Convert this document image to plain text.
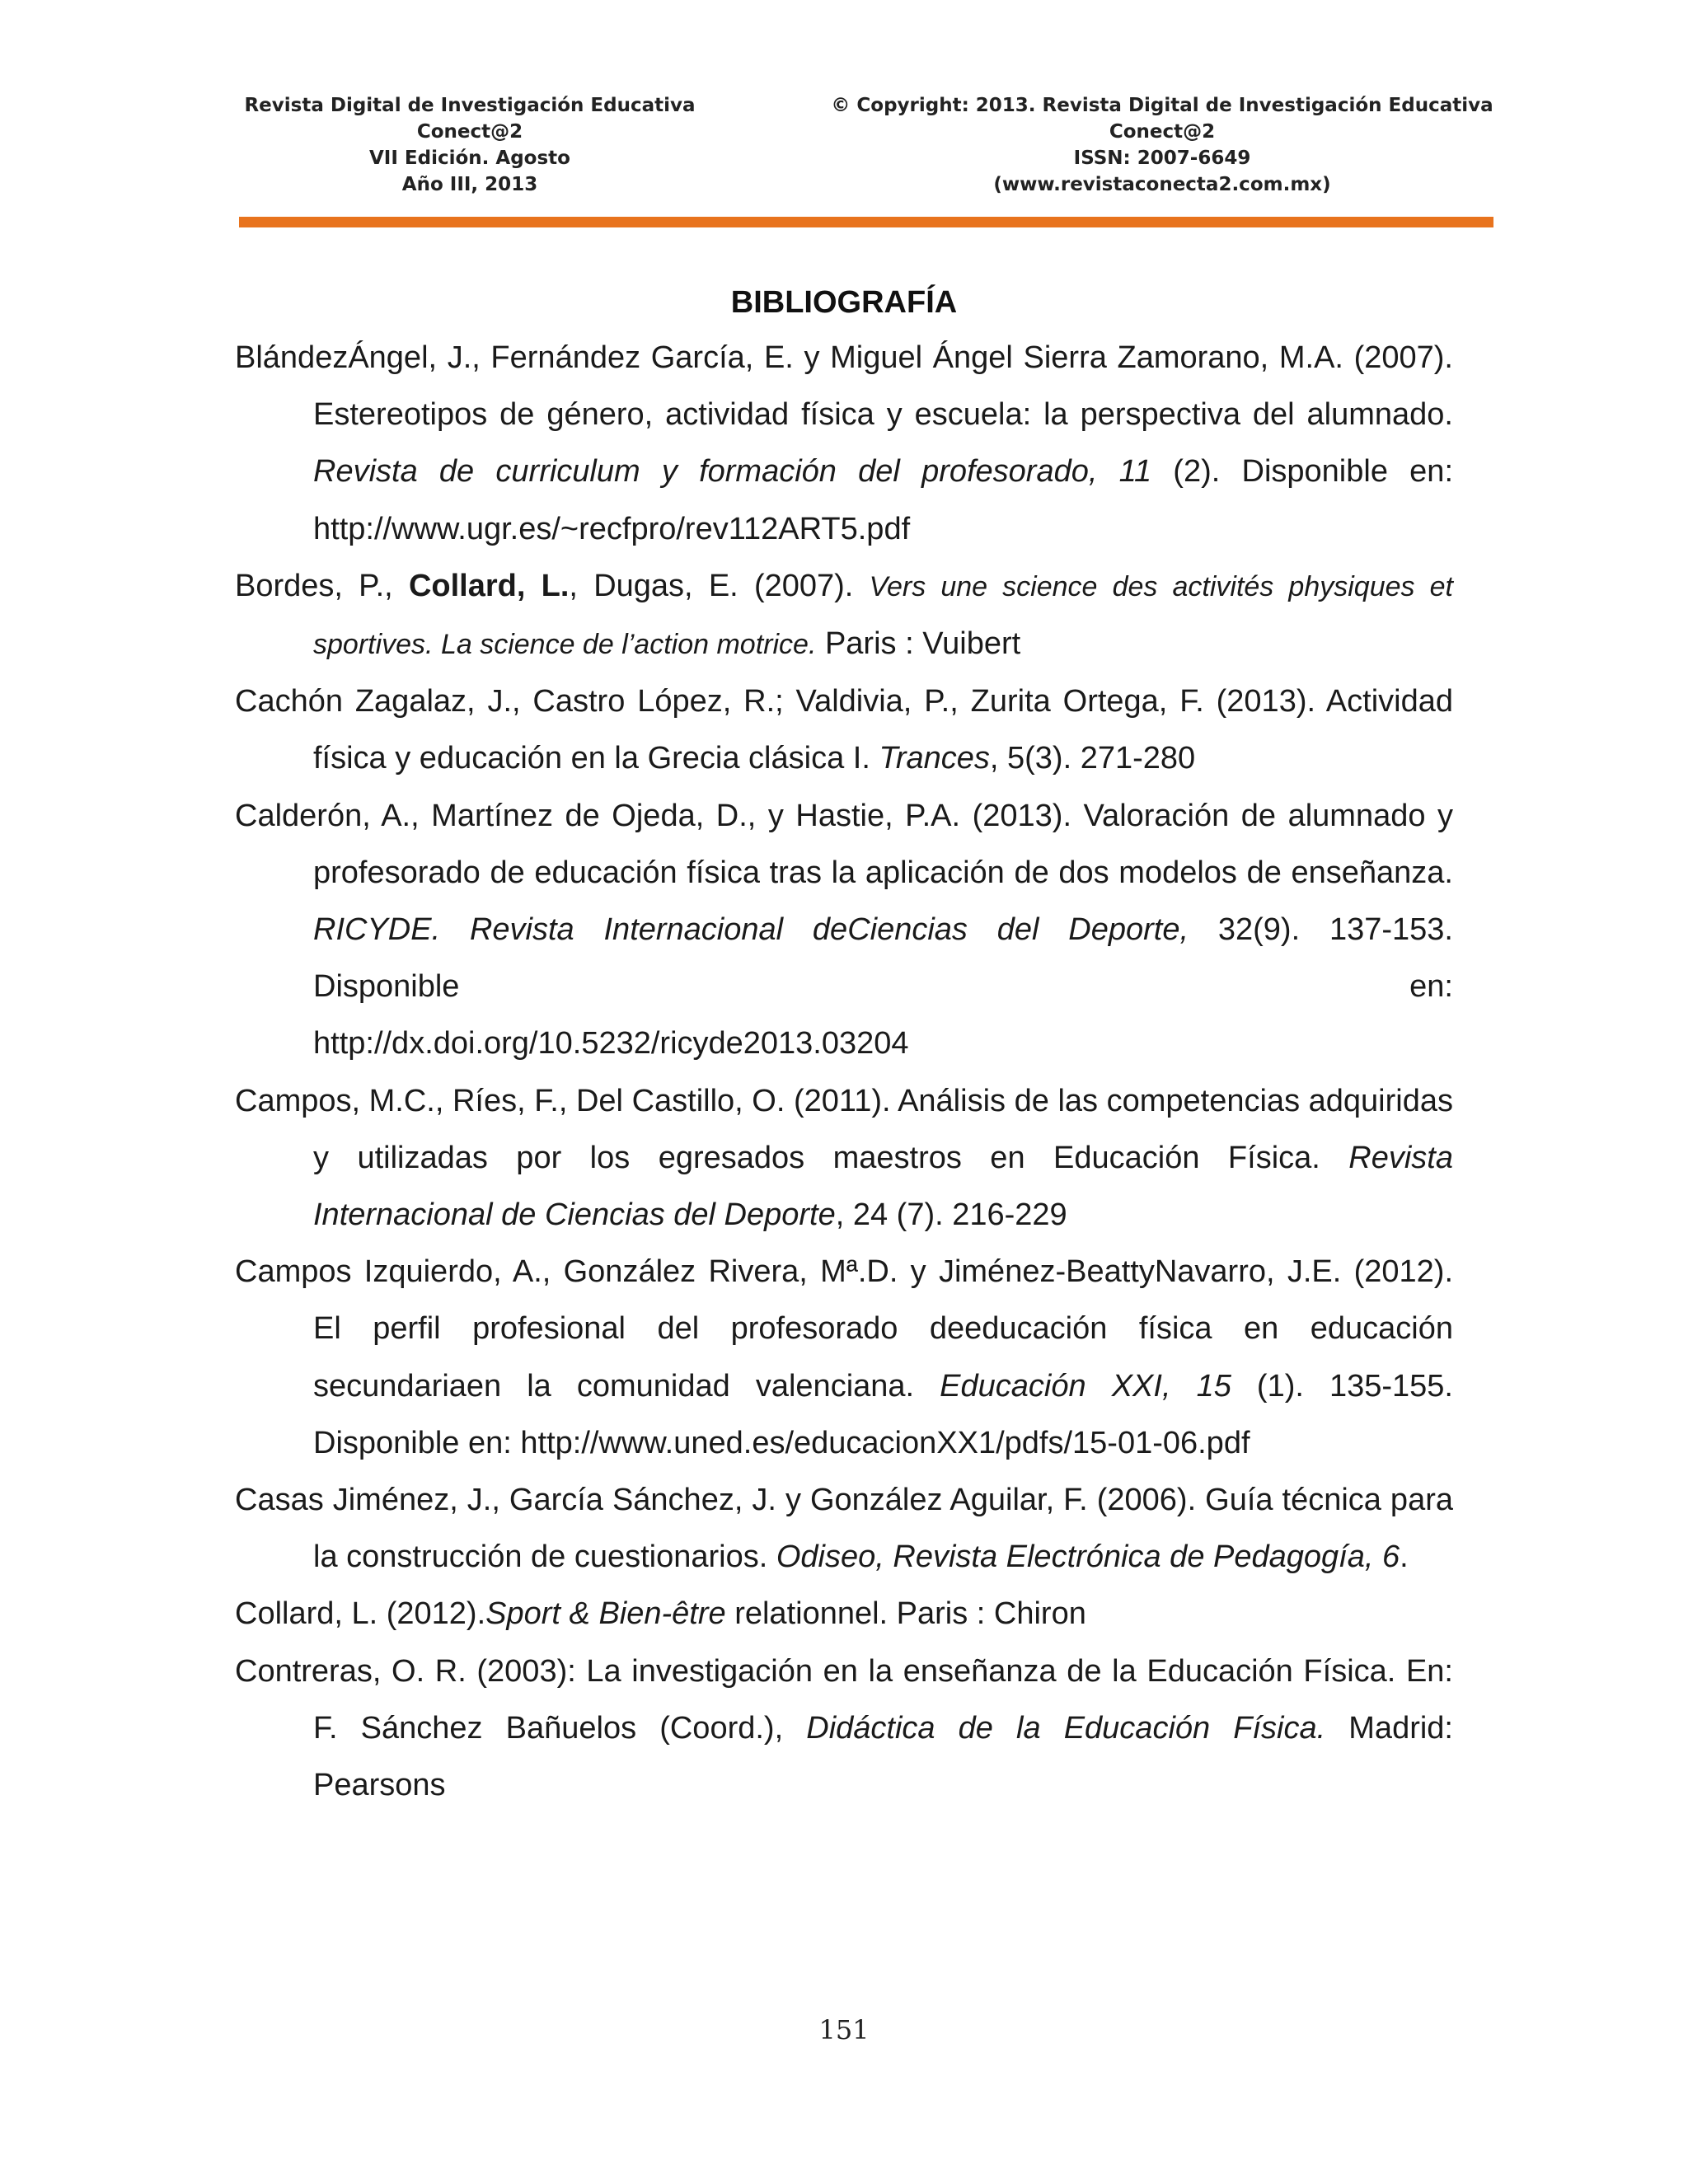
Revista Digital de Investigación Educativa
Conect@2
VII Edición. Agosto
Año III, 2013
© Copyright: 2013. Revista Digital de Investigación Educativa
Conect@2
ISSN: 2007-6649
(www.revistaconecta2.com.mx)
BIBLIOGRAFÍA

BlándezÁngel, J., Fernández García, E. y Miguel Ángel Sierra Zamorano, M.A. (2007). Estereotipos de género, actividad física y escuela: la perspectiva del alumnado. Revista de curriculum y formación del profesorado, 11 (2). Disponible en: http://www.ugr.es/~recfpro/rev112ART5.pdf

Bordes, P., Collard, L., Dugas, E. (2007). Vers une science des activités physiques et sportives. La science de l’action motrice. Paris : Vuibert

Cachón Zagalaz, J., Castro López, R.; Valdivia, P., Zurita Ortega, F. (2013). Actividad física y educación en la Grecia clásica I. Trances, 5(3). 271-280

Calderón, A., Martínez de Ojeda, D., y Hastie, P.A. (2013). Valoración de alumnado y profesorado de educación física tras la aplicación de dos modelos de enseñanza. RICYDE. Revista Internacional deCiencias del Deporte, 32(9). 137-153. Disponible en:
http://dx.doi.org/10.5232/ricyde2013.03204

Campos, M.C., Ríes, F., Del Castillo, O. (2011). Análisis de las competencias adquiridas y utilizadas por los egresados maestros en Educación Física. Revista Internacional de Ciencias del Deporte, 24 (7). 216-229

Campos Izquierdo, A., González Rivera, Mª.D. y Jiménez-BeattyNavarro, J.E. (2012). El perfil profesional del profesorado deeducación física en educación secundariaen la comunidad valenciana. Educación XXI, 15 (1). 135-155. Disponible en: http://www.uned.es/educacionXX1/pdfs/15-01-06.pdf

Casas Jiménez, J., García Sánchez, J. y González Aguilar, F. (2006). Guía técnica para la construcción de cuestionarios. Odiseo, Revista Electrónica de Pedagogía, 6.

Collard, L. (2012).Sport & Bien-être relationnel. Paris : Chiron

Contreras, O. R. (2003): La investigación en la enseñanza de la Educación Física. En: F. Sánchez Bañuelos (Coord.), Didáctica de la Educación Física. Madrid: Pearsons

151
